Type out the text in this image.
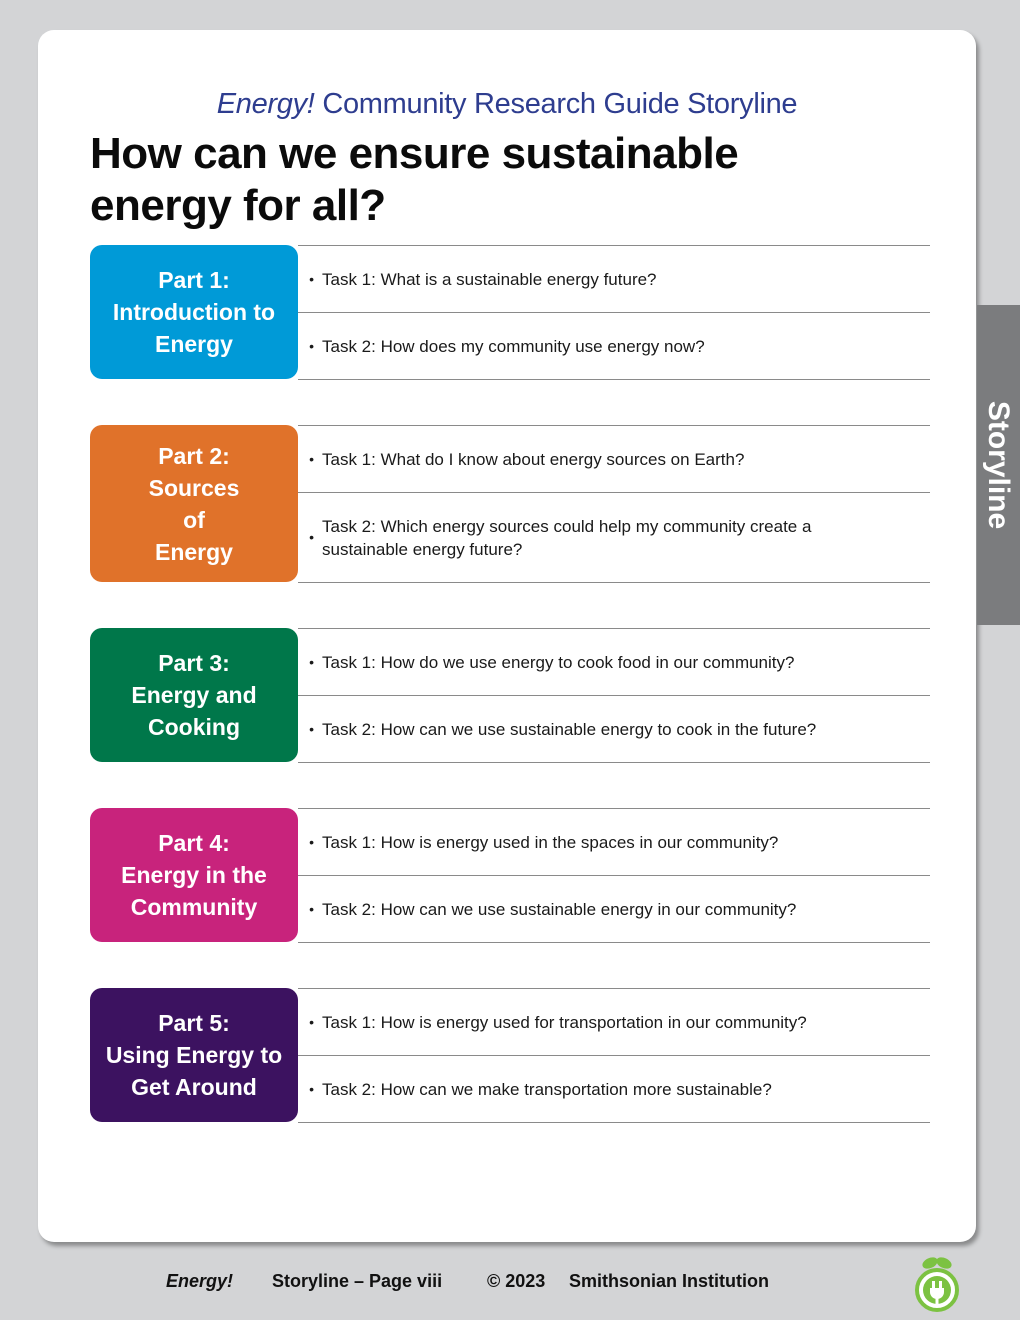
Energy! Community Research Guide Storyline
How can we ensure sustainable energy for all?
Part 1:
Introduction to
Energy
• Task 1: What is a sustainable energy future?
• Task 2: How does my community use energy now?
Part 2:
Sources
of
Energy
• Task 1: What do I know about energy sources on Earth?
•
Task 2: Which energy sources could help my community create a sustainable energy future?
Part 3:
Energy and
Cooking
• Task 1: How do we use energy to cook food in our community?
• Task 2: How can we use sustainable energy to cook in the future?
Part 4:
Energy in the
Community
• Task 1: How is energy used in the spaces in our community?
• Task 2: How can we use sustainable energy in our community?
Part 5:
Using Energy to
Get Around
• Task 1: How is energy used for transportation in our community?
• Task 2: How can we make transportation more sustainable?
Storyline
Energy! Storyline – Page viii © 2023 Smithsonian Institution
